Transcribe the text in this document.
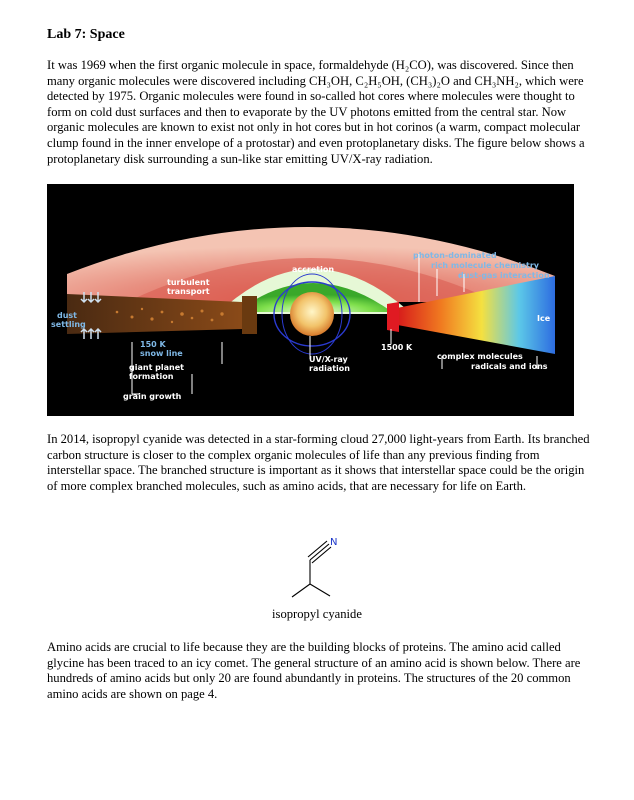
Lab 7: Space

It was 1969 when the first organic molecule in space, formaldehyde (H₂CO), was discovered. Since then many organic molecules were discovered including CH₃OH, C₂H₅OH, (CH₃)₂O and CH₃NH₂, which were detected by 1975. Organic molecules were found in so-called hot cores where molecules were thought to form on cold dust surfaces and then to evaporate by the UV photons emitted from the central star. Now organic molecules are known to exist not only in hot cores but in hot corinos (a warm, compact molecular clump found in the inner envelope of a protostar) and even protoplanetary disks. The figure below shows a protoplanetary disk surrounding a sun-like star emitting UV/X-ray radiation.

dust
settling
turbulent
transport
150 K
snow line
giant planet
formation
grain growth
accretion
UV/X-ray
radiation
1500 K
photon-dominated
rich molecule chemistry
dust-gas interaction
Ice
complex molecules
radicals and ions

In 2014, isopropyl cyanide was detected in a star-forming cloud 27,000 light-years from Earth. Its branched carbon structure is closer to the complex organic molecules of life than any previous finding from interstellar space. The branched structure is important as it shows that interstellar space could be the origin of more complex branched molecules, such as amino acids, that are necessary for life on Earth.

N
isopropyl cyanide

Amino acids are crucial to life because they are the building blocks of proteins. The amino acid called glycine has been traced to an icy comet. The general structure of an amino acid is shown below. There are hundreds of amino acids but only 20 are found abundantly in proteins. The structures of the 20 common amino acids are shown on page 4.
